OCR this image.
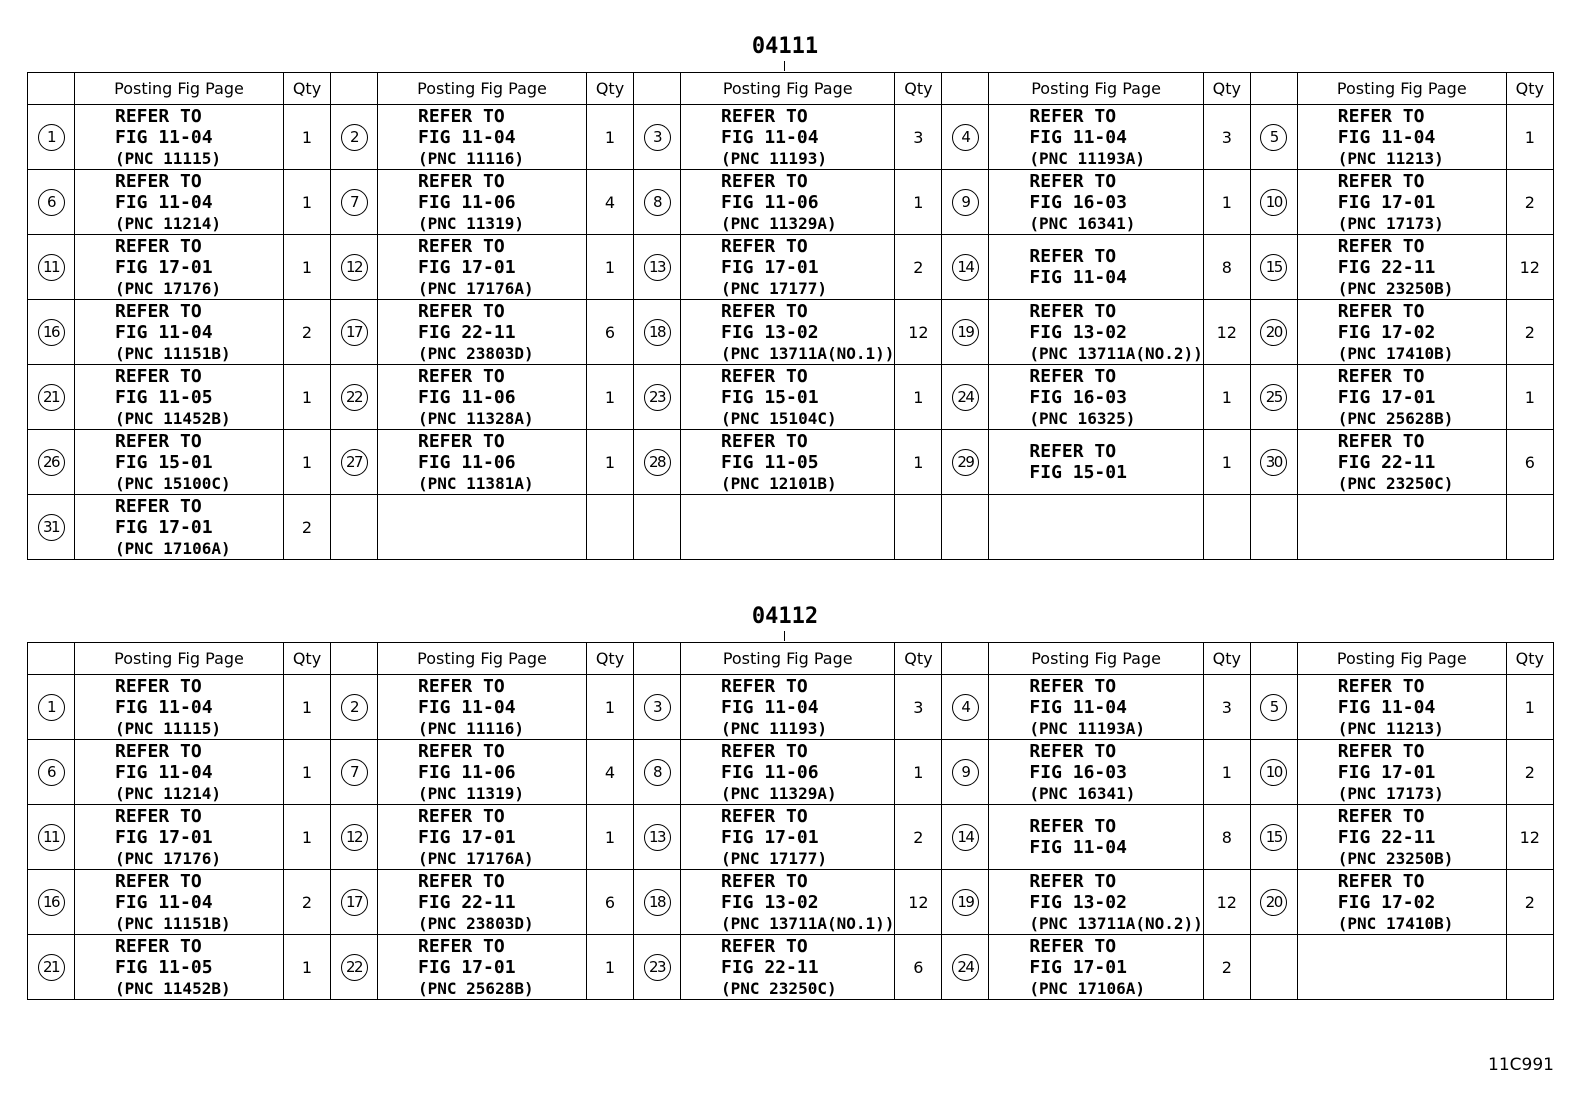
04111
	Posting Fig Page	Qty		Posting Fig Page	Qty		Posting Fig Page	Qty		Posting Fig Page	Qty		Posting Fig Page	Qty
1	REFER TO
FIG 11-04
(PNC 11115)	1	2	REFER TO
FIG 11-04
(PNC 11116)	1	3	REFER TO
FIG 11-04
(PNC 11193)	3	4	REFER TO
FIG 11-04
(PNC 11193A)	3	5	REFER TO
FIG 11-04
(PNC 11213)	1
6	REFER TO
FIG 11-04
(PNC 11214)	1	7	REFER TO
FIG 11-06
(PNC 11319)	4	8	REFER TO
FIG 11-06
(PNC 11329A)	1	9	REFER TO
FIG 16-03
(PNC 16341)	1	10	REFER TO
FIG 17-01
(PNC 17173)	2
11	REFER TO
FIG 17-01
(PNC 17176)	1	12	REFER TO
FIG 17-01
(PNC 17176A)	1	13	REFER TO
FIG 17-01
(PNC 17177)	2	14	REFER TO
FIG 11-04	8	15	REFER TO
FIG 22-11
(PNC 23250B)	12
16	REFER TO
FIG 11-04
(PNC 11151B)	2	17	REFER TO
FIG 22-11
(PNC 23803D)	6	18	REFER TO
FIG 13-02
(PNC 13711A(NO.1))	12	19	REFER TO
FIG 13-02
(PNC 13711A(NO.2))	12	20	REFER TO
FIG 17-02
(PNC 17410B)	2
21	REFER TO
FIG 11-05
(PNC 11452B)	1	22	REFER TO
FIG 11-06
(PNC 11328A)	1	23	REFER TO
FIG 15-01
(PNC 15104C)	1	24	REFER TO
FIG 16-03
(PNC 16325)	1	25	REFER TO
FIG 17-01
(PNC 25628B)	1
26	REFER TO
FIG 15-01
(PNC 15100C)	1	27	REFER TO
FIG 11-06
(PNC 11381A)	1	28	REFER TO
FIG 11-05
(PNC 12101B)	1	29	REFER TO
FIG 15-01	1	30	REFER TO
FIG 22-11
(PNC 23250C)	6
31	REFER TO
FIG 17-01
(PNC 17106A)	2												
04112
	Posting Fig Page	Qty		Posting Fig Page	Qty		Posting Fig Page	Qty		Posting Fig Page	Qty		Posting Fig Page	Qty
1	REFER TO
FIG 11-04
(PNC 11115)	1	2	REFER TO
FIG 11-04
(PNC 11116)	1	3	REFER TO
FIG 11-04
(PNC 11193)	3	4	REFER TO
FIG 11-04
(PNC 11193A)	3	5	REFER TO
FIG 11-04
(PNC 11213)	1
6	REFER TO
FIG 11-04
(PNC 11214)	1	7	REFER TO
FIG 11-06
(PNC 11319)	4	8	REFER TO
FIG 11-06
(PNC 11329A)	1	9	REFER TO
FIG 16-03
(PNC 16341)	1	10	REFER TO
FIG 17-01
(PNC 17173)	2
11	REFER TO
FIG 17-01
(PNC 17176)	1	12	REFER TO
FIG 17-01
(PNC 17176A)	1	13	REFER TO
FIG 17-01
(PNC 17177)	2	14	REFER TO
FIG 11-04	8	15	REFER TO
FIG 22-11
(PNC 23250B)	12
16	REFER TO
FIG 11-04
(PNC 11151B)	2	17	REFER TO
FIG 22-11
(PNC 23803D)	6	18	REFER TO
FIG 13-02
(PNC 13711A(NO.1))	12	19	REFER TO
FIG 13-02
(PNC 13711A(NO.2))	12	20	REFER TO
FIG 17-02
(PNC 17410B)	2
21	REFER TO
FIG 11-05
(PNC 11452B)	1	22	REFER TO
FIG 17-01
(PNC 25628B)	1	23	REFER TO
FIG 22-11
(PNC 23250C)	6	24	REFER TO
FIG 17-01
(PNC 17106A)	2			
11C991
